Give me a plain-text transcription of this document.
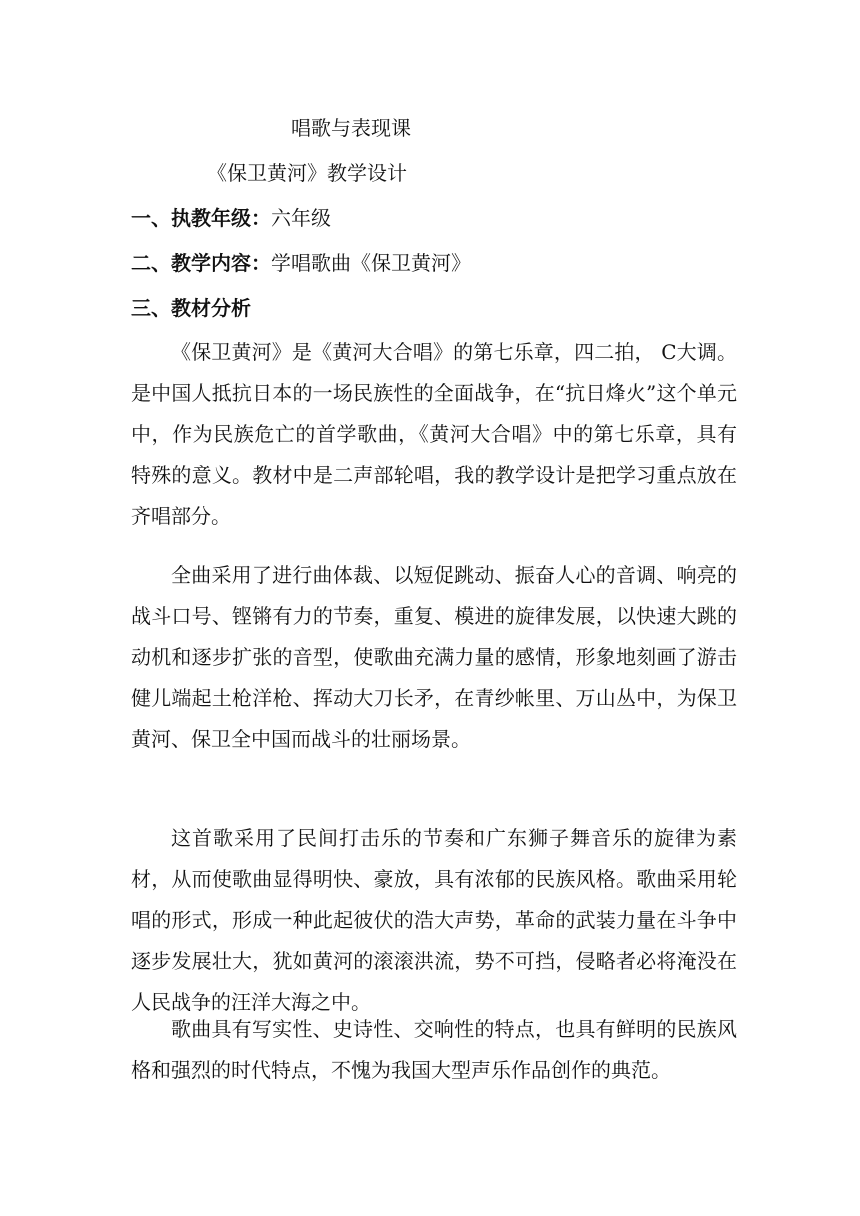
唱歌与表现课
《保卫黄河》教学设计
一、执教年级：六年级
二、教学内容：学唱歌曲《保卫黄河》
三、教材分析

《保卫黄河》是《黄河大合唱》的第七乐章，四二拍， C大调。是中国人抵抗日本的一场民族性的全面战争，在“抗日烽火”这个单元中，作为民族危亡的首学歌曲，《黄河大合唱》中的第七乐章，具有特殊的意义。教材中是二声部轮唱，我的教学设计是把学习重点放在齐唱部分。

全曲采用了进行曲体裁、以短促跳动、振奋人心的音调、响亮的战斗口号、铿锵有力的节奏，重复、模进的旋律发展，以快速大跳的动机和逐步扩张的音型，使歌曲充满力量的感情，形象地刻画了游击健儿端起土枪洋枪、挥动大刀长矛，在青纱帐里、万山丛中，为保卫黄河、保卫全中国而战斗的壮丽场景。

这首歌采用了民间打击乐的节奏和广东狮子舞音乐的旋律为素材，从而使歌曲显得明快、豪放，具有浓郁的民族风格。歌曲采用轮唱的形式，形成一种此起彼伏的浩大声势，革命的武装力量在斗争中逐步发展壮大，犹如黄河的滚滚洪流，势不可挡，侵略者必将淹没在人民战争的汪洋大海之中。

歌曲具有写实性、史诗性、交响性的特点，也具有鲜明的民族风格和强烈的时代特点，不愧为我国大型声乐作品创作的典范。
